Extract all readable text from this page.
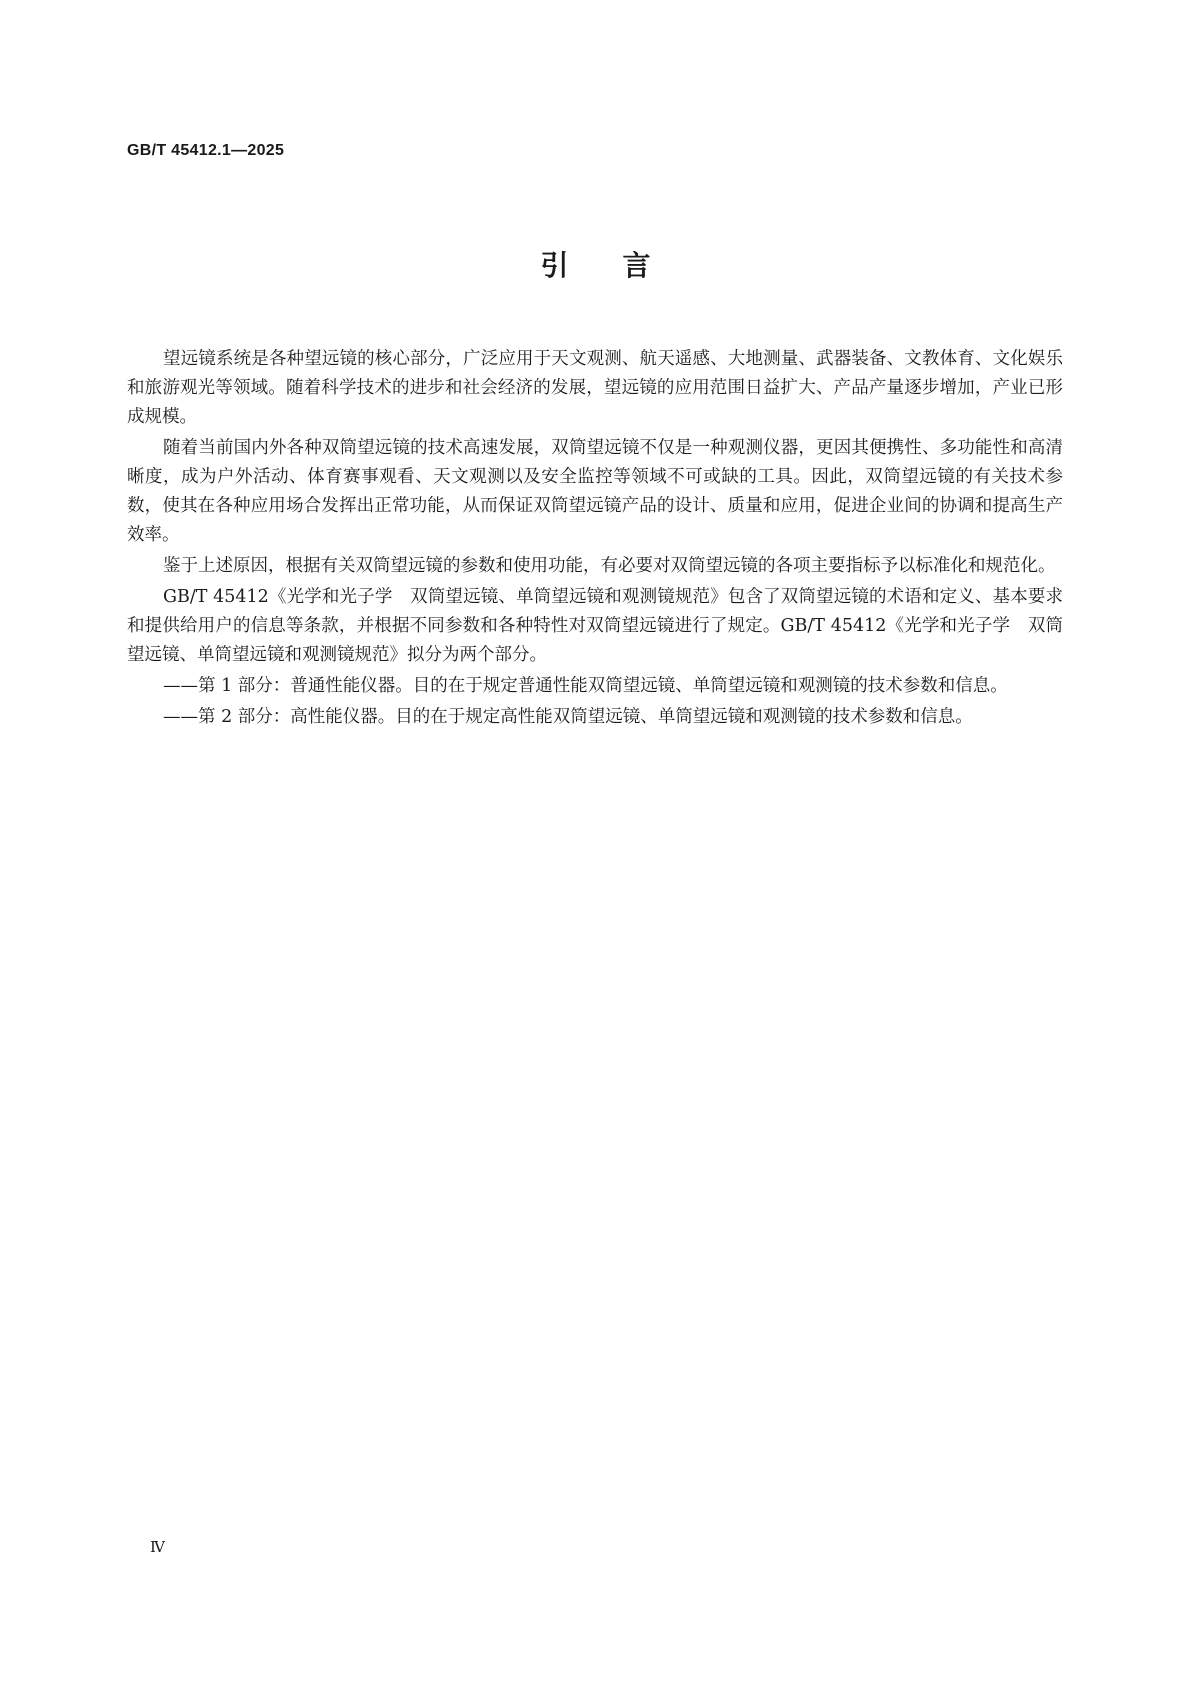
GB/T 45412.1—2025
引言

望远镜系统是各种望远镜的核心部分，广泛应用于天文观测、航天遥感、大地测量、武器装备、文教体育、文化娱乐和旅游观光等领域。随着科学技术的进步和社会经济的发展，望远镜的应用范围日益扩大、产品产量逐步增加，产业已形成规模。

随着当前国内外各种双筒望远镜的技术高速发展，双筒望远镜不仅是一种观测仪器，更因其便携性、多功能性和高清晰度，成为户外活动、体育赛事观看、天文观测以及安全监控等领域不可或缺的工具。因此，双筒望远镜的有关技术参数，使其在各种应用场合发挥出正常功能，从而保证双筒望远镜产品的设计、质量和应用，促进企业间的协调和提高生产效率。

鉴于上述原因，根据有关双筒望远镜的参数和使用功能，有必要对双筒望远镜的各项主要指标予以标准化和规范化。

GB/T 45412《光学和光子学　双筒望远镜、单筒望远镜和观测镜规范》包含了双筒望远镜的术语和定义、基本要求和提供给用户的信息等条款，并根据不同参数和各种特性对双筒望远镜进行了规定。GB/T 45412《光学和光子学　双筒望远镜、单筒望远镜和观测镜规范》拟分为两个部分。

——第 1 部分：普通性能仪器。目的在于规定普通性能双筒望远镜、单筒望远镜和观测镜的技术参数和信息。

——第 2 部分：高性能仪器。目的在于规定高性能双筒望远镜、单筒望远镜和观测镜的技术参数和信息。

Ⅳ
